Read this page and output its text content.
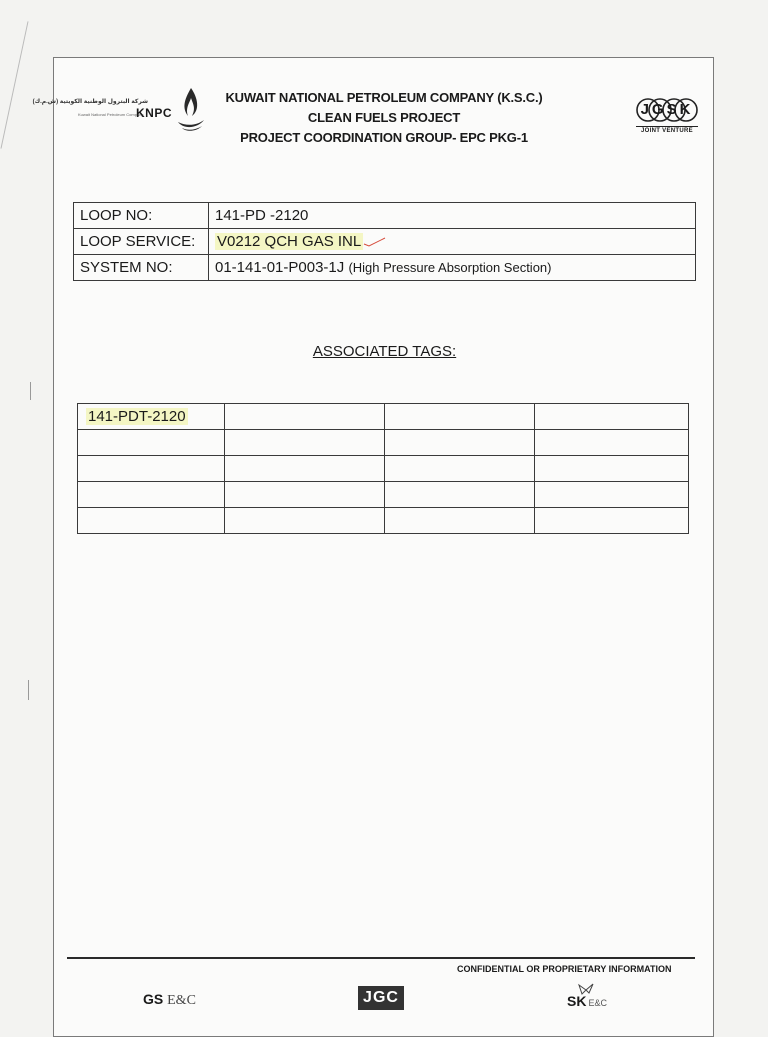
شركة البترول الوطنية الكويتية (ش.م.ك)
Kuwait National Petroleum Company
KNPC
KUWAIT NATIONAL PETROLEUM COMPANY (K.S.C.)
CLEAN FUELS PROJECT
PROJECT COORDINATION GROUP- EPC PKG-1
JGSK
JOINT VENTURE
LOOP NO:	141-PD -2120
LOOP SERVICE:	V0212 QCH GAS INL
SYSTEM NO:	01-141-01-P003-1J (High Pressure Absorption Section)
ASSOCIATED TAGS:
141-PDT-2120			

CONFIDENTIAL OR PROPRIETARY INFORMATION
GS E&C	JGC	SK E&C
